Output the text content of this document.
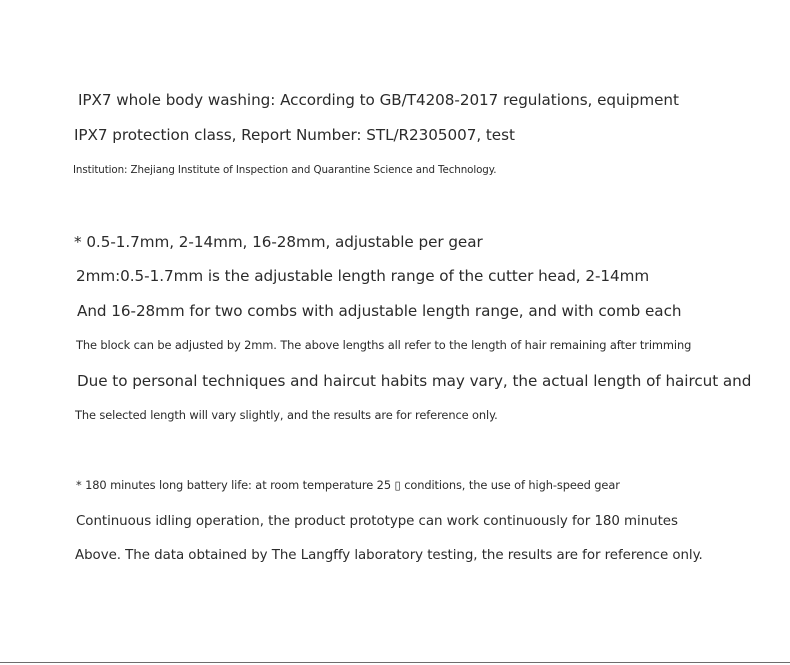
IPX7 whole body washing: According to GB/T4208-2017 regulations, equipment
IPX7 protection class, Report Number: STL/R2305007, test
Institution: Zhejiang Institute of Inspection and Quarantine Science and Technology.
* 0.5-1.7mm, 2-14mm, 16-28mm, adjustable per gear
2mm:0.5-1.7mm is the adjustable length range of the cutter head, 2-14mm
And 16-28mm for two combs with adjustable length range, and with comb each
The block can be adjusted by 2mm. The above lengths all refer to the length of hair remaining after trimming
Due to personal techniques and haircut habits may vary, the actual length of haircut and
The selected length will vary slightly, and the results are for reference only.
* 180 minutes long battery life: at room temperature 25 ▯ conditions, the use of high-speed gear
Continuous idling operation, the product prototype can work continuously for 180 minutes
Above. The data obtained by The Langffy laboratory testing, the results are for reference only.
